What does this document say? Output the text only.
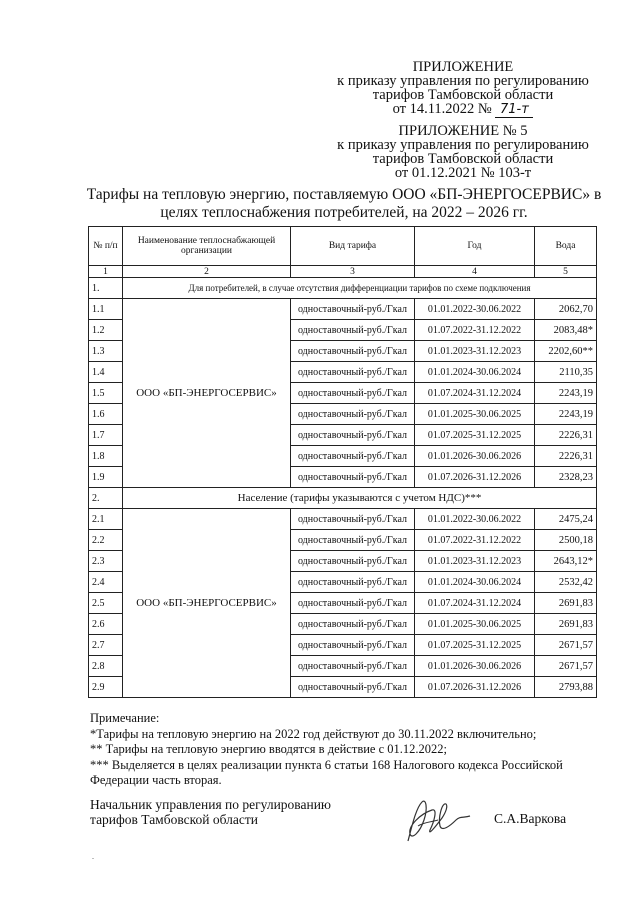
ПРИЛОЖЕНИЕ
к приказу управления по регулированию
тарифов Тамбовской области
от 14.11.2022 № 71-т
ПРИЛОЖЕНИЕ № 5
к приказу управления по регулированию
тарифов Тамбовской области
от 01.12.2021 № 103-т
Тарифы на тепловую энергию, поставляемую ООО «БП-ЭНЕРГОСЕРВИС» в целях теплоснабжения потребителей, на 2022 – 2026 гг.
№ п/п	Наименование теплоснабжающей организации	Вид тарифа	Год	Вода
1	2	3	4	5
1.	Для потребителей, в случае отсутствия дифференциации тарифов по схеме подключения			
1.1	ООО «БП-ЭНЕРГОСЕРВИС»	одноставочный-руб./Гкал	01.01.2022-30.06.2022	2062,70
1.2		одноставочный-руб./Гкал	01.07.2022-31.12.2022	2083,48*
1.3		одноставочный-руб./Гкал	01.01.2023-31.12.2023	2202,60**
1.4		одноставочный-руб./Гкал	01.01.2024-30.06.2024	2110,35
1.5		одноставочный-руб./Гкал	01.07.2024-31.12.2024	2243,19
1.6		одноставочный-руб./Гкал	01.01.2025-30.06.2025	2243,19
1.7		одноставочный-руб./Гкал	01.07.2025-31.12.2025	2226,31
1.8		одноставочный-руб./Гкал	01.01.2026-30.06.2026	2226,31
1.9		одноставочный-руб./Гкал	01.07.2026-31.12.2026	2328,23
2.	Население (тарифы указываются с учетом НДС)***			
2.1	ООО «БП-ЭНЕРГОСЕРВИС»	одноставочный-руб./Гкал	01.01.2022-30.06.2022	2475,24
2.2		одноставочный-руб./Гкал	01.07.2022-31.12.2022	2500,18
2.3		одноставочный-руб./Гкал	01.01.2023-31.12.2023	2643,12*
2.4		одноставочный-руб./Гкал	01.01.2024-30.06.2024	2532,42
2.5		одноставочный-руб./Гкал	01.07.2024-31.12.2024	2691,83
2.6		одноставочный-руб./Гкал	01.01.2025-30.06.2025	2691,83
2.7		одноставочный-руб./Гкал	01.07.2025-31.12.2025	2671,57
2.8		одноставочный-руб./Гкал	01.01.2026-30.06.2026	2671,57
2.9		одноставочный-руб./Гкал	01.07.2026-31.12.2026	2793,88
Примечание:
*Тарифы на тепловую энергию на 2022 год действуют до 30.11.2022 включительно;
** Тарифы на тепловую энергию вводятся в действие с 01.12.2022;
*** Выделяется в целях реализации пункта 6 статьи 168 Налогового кодекса Российской Федерации часть вторая.
Начальник управления по регулированию
тарифов Тамбовской области	С.А.Варкова
.
